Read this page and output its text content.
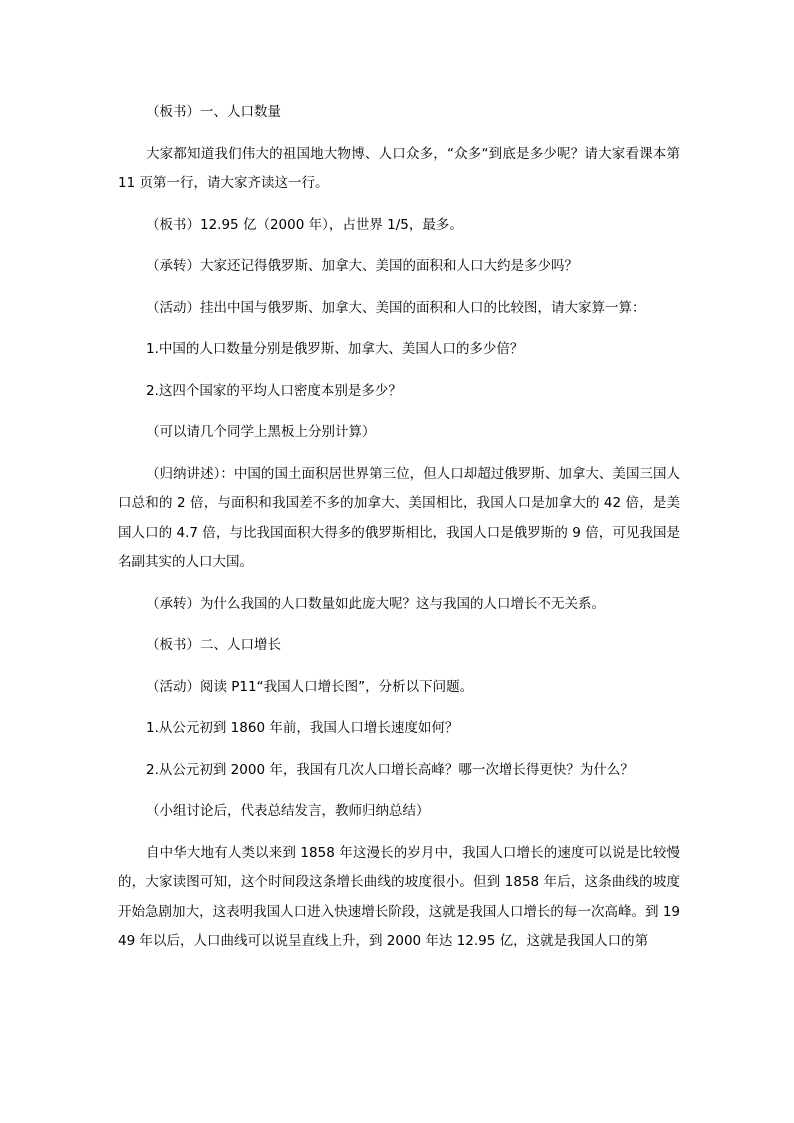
（板书）一、人口数量

大家都知道我们伟大的祖国地大物博、人口众多，“众多“到底是多少呢？请大家看课本第 11 页第一行，请大家齐读这一行。

（板书）12.95 亿（2000 年），占世界 1/5，最多。

（承转）大家还记得俄罗斯、加拿大、美国的面积和人口大约是多少吗？

（活动）挂出中国与俄罗斯、加拿大、美国的面积和人口的比较图，请大家算一算：

1.中国的人口数量分别是俄罗斯、加拿大、美国人口的多少倍？

2.这四个国家的平均人口密度本别是多少？

（可以请几个同学上黑板上分别计算）

（归纳讲述）：中国的国土面积居世界第三位，但人口却超过俄罗斯、加拿大、美国三国人口总和的 2 倍，与面积和我国差不多的加拿大、美国相比，我国人口是加拿大的 42 倍，是美国人口的 4.7 倍，与比我国面积大得多的俄罗斯相比，我国人口是俄罗斯的 9 倍，可见我国是名副其实的人口大国。

（承转）为什么我国的人口数量如此庞大呢？这与我国的人口增长不无关系。

（板书）二、人口增长

（活动）阅读 P11“我国人口增长图”，分析以下问题。

1.从公元初到 1860 年前，我国人口增长速度如何？

2.从公元初到 2000 年，我国有几次人口增长高峰？哪一次增长得更快？为什么？

（小组讨论后，代表总结发言，教师归纳总结）

自中华大地有人类以来到 1858 年这漫长的岁月中，我国人口增长的速度可以说是比较慢的，大家读图可知，这个时间段这条增长曲线的坡度很小。但到 1858 年后，这条曲线的坡度开始急剧加大，这表明我国人口进入快速增长阶段，这就是我国人口增长的每一次高峰。到 1949 年以后，人口曲线可以说呈直线上升，到 2000 年达 12.95 亿，这就是我国人口的第
